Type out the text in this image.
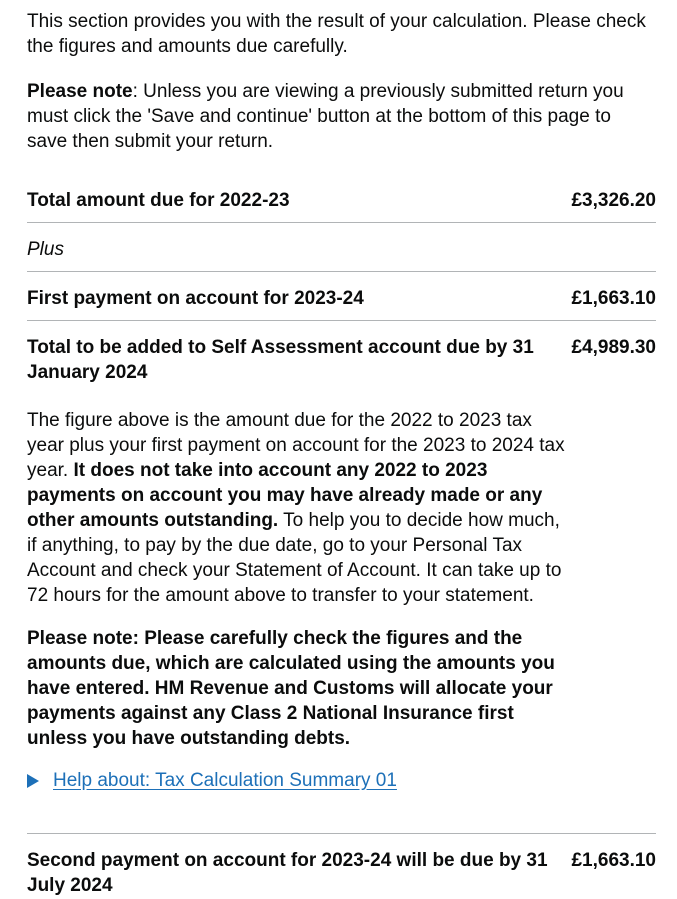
This section provides you with the result of your calculation. Please check the figures and amounts due carefully.

Please note: Unless you are viewing a previously submitted return you must click the 'Save and continue' button at the bottom of this page to save then submit your return.

Total amount due for 2022-23	£3,326.20
Plus
First payment on account for 2023-24	£1,663.10
Total to be added to Self Assessment account due by 31 January 2024
£4,989.30

The figure above is the amount due for the 2022 to 2023 tax year plus your first payment on account for the 2023 to 2024 tax year. It does not take into account any 2022 to 2023 payments on account you may have already made or any other amounts outstanding. To help you to decide how much, if anything, to pay by the due date, go to your Personal Tax Account and check your Statement of Account. It can take up to 72 hours for the amount above to transfer to your statement.

Please note: Please carefully check the figures and the amounts due, which are calculated using the amounts you have entered. HM Revenue and Customs will allocate your payments against any Class 2 National Insurance first unless you have outstanding debts.

Help about: Tax Calculation Summary 01
Second payment on account for 2023-24 will be due by 31 July 2024
£1,663.10
